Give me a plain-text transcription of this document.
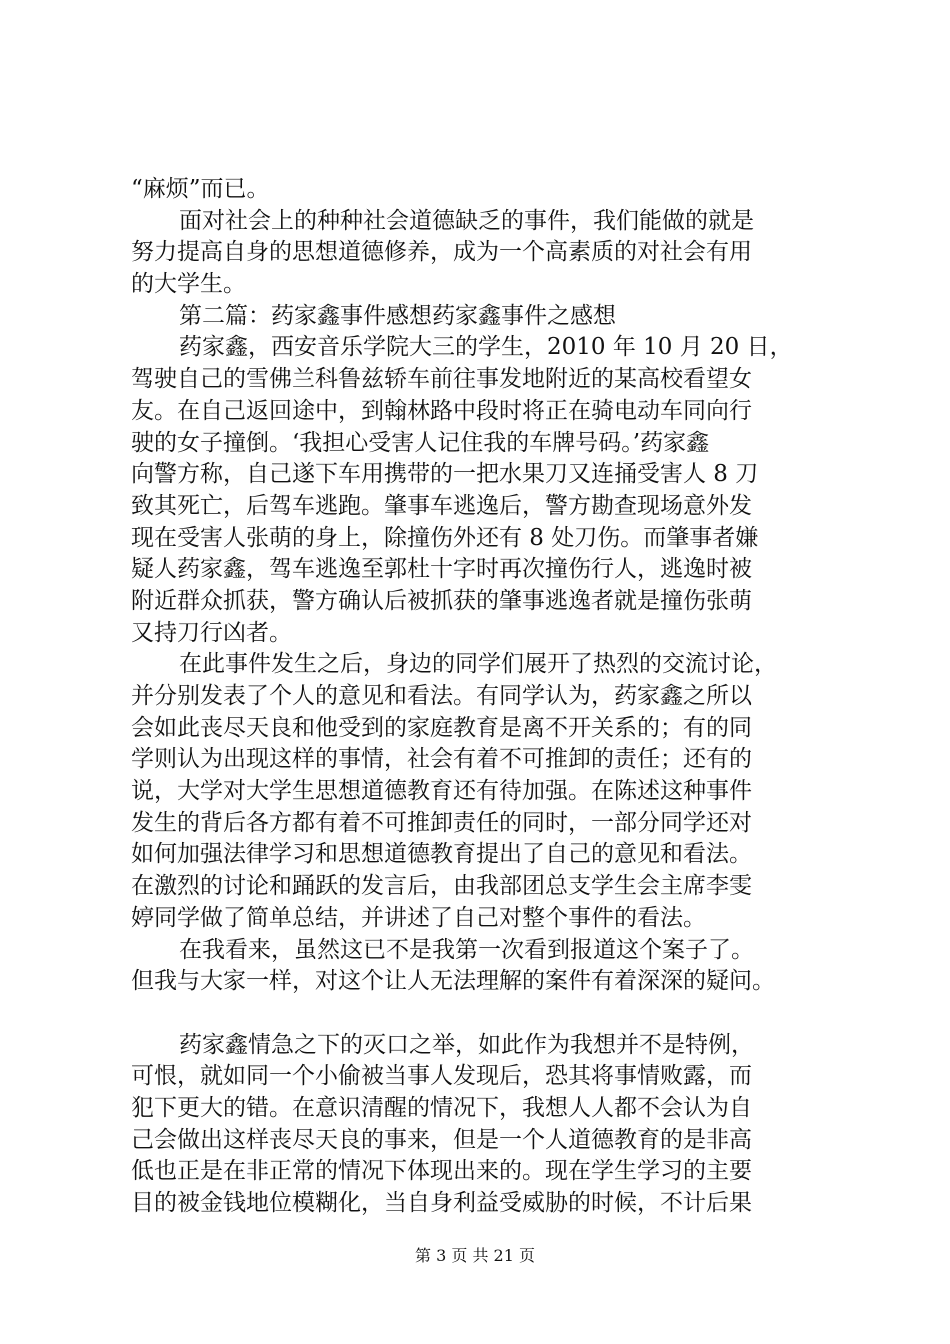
“麻烦”而已。
面对社会上的种种社会道德缺乏的事件，我们能做的就是
努力提高自身的思想道德修养，成为一个高素质的对社会有用
的大学生。
第二篇：药家鑫事件感想药家鑫事件之感想
药家鑫，西安音乐学院大三的学生，2010 年 10 月 20 日，
驾驶自己的雪佛兰科鲁兹轿车前往事发地附近的某高校看望女
友。在自己返回途中，到翰林路中段时将正在骑电动车同向行
驶的女子撞倒。‘我担心受害人记住我的车牌号码。’药家鑫
向警方称，自己遂下车用携带的一把水果刀又连捅受害人 8 刀
致其死亡，后驾车逃跑。肇事车逃逸后，警方勘查现场意外发
现在受害人张萌的身上，除撞伤外还有 8 处刀伤。而肇事者嫌
疑人药家鑫，驾车逃逸至郭杜十字时再次撞伤行人，逃逸时被
附近群众抓获，警方确认后被抓获的肇事逃逸者就是撞伤张萌
又持刀行凶者。
在此事件发生之后，身边的同学们展开了热烈的交流讨论，
并分别发表了个人的意见和看法。有同学认为，药家鑫之所以
会如此丧尽天良和他受到的家庭教育是离不开关系的；有的同
学则认为出现这样的事情，社会有着不可推卸的责任；还有的
说，大学对大学生思想道德教育还有待加强。在陈述这种事件
发生的背后各方都有着不可推卸责任的同时，一部分同学还对
如何加强法律学习和思想道德教育提出了自己的意见和看法。
在激烈的讨论和踊跃的发言后，由我部团总支学生会主席李雯
婷同学做了简单总结，并讲述了自己对整个事件的看法。
在我看来，虽然这已不是我第一次看到报道这个案子了。
但我与大家一样，对这个让人无法理解的案件有着深深的疑问。
药家鑫情急之下的灭口之举，如此作为我想并不是特例，
可恨，就如同一个小偷被当事人发现后，恐其将事情败露，而
犯下更大的错。在意识清醒的情况下，我想人人都不会认为自
己会做出这样丧尽天良的事来，但是一个人道德教育的是非高
低也正是在非正常的情况下体现出来的。现在学生学习的主要
目的被金钱地位模糊化，当自身利益受威胁的时候，不计后果
第 3 页 共 21 页
